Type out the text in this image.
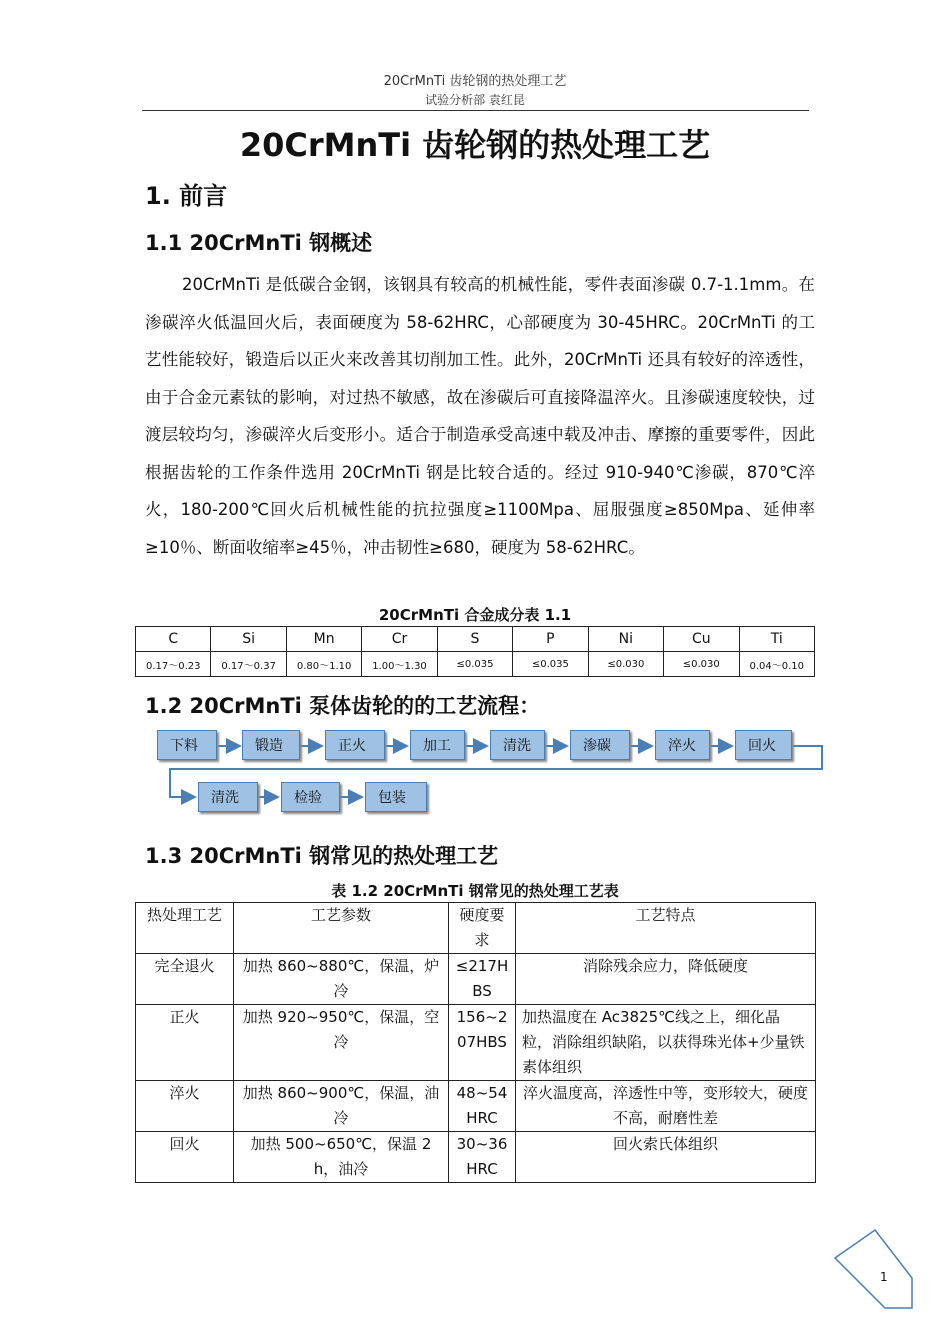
20CrMnTi 齿轮钢的热处理工艺
试验分析部 袁红昆
20CrMnTi 齿轮钢的热处理工艺
1. 前言
1.1 20CrMnTi 钢概述
20CrMnTi 是低碳合金钢，该钢具有较高的机械性能，零件表面渗碳 0.7-1.1mm。在渗碳淬火低温回火后，表面硬度为 58-62HRC，心部硬度为 30-45HRC。20CrMnTi 的工艺性能较好，锻造后以正火来改善其切削加工性。此外，20CrMnTi 还具有较好的淬透性，由于合金元素钛的影响，对过热不敏感，故在渗碳后可直接降温淬火。且渗碳速度较快，过渡层较均匀，渗碳淬火后变形小。适合于制造承受高速中载及冲击、摩擦的重要零件，因此根据齿轮的工作条件选用 20CrMnTi 钢是比较合适的。经过 910-940℃渗碳，870℃淬火，180-200℃回火后机械性能的抗拉强度≥1100Mpa、屈服强度≥850Mpa、延伸率≥10％、断面收缩率≥45％，冲击韧性≥680，硬度为 58-62HRC。
20CrMnTi 合金成分表 1.1
C	Si	Mn	Cr	S	P	Ni	Cu	Ti
0.17～0.23	0.17～0.37	0.80～1.10	1.00～1.30	≤0.035	≤0.035	≤0.030	≤0.030	0.04～0.10
1.2 20CrMnTi 泵体齿轮的的工艺流程：
下料	锻造	正火	加工	清洗	渗碳	淬火	回火
清洗	检验	包装
1.3 20CrMnTi 钢常见的热处理工艺
表 1.2 20CrMnTi 钢常见的热处理工艺表
热处理工艺	工艺参数	硬度要求	工艺特点
完全退火	加热 860~880℃，保温，炉冷	≤217HBS	消除残余应力，降低硬度
正火	加热 920~950℃，保温，空冷	156~207HBS	加热温度在 Ac3825℃线之上，细化晶粒，消除组织缺陷，以获得珠光体+少量铁素体组织
淬火	加热 860~900℃，保温，油冷	48~54HRC	淬火温度高，淬透性中等，变形较大，硬度不高，耐磨性差
回火	加热 500~650℃，保温 2h，油冷	30~36HRC	回火索氏体组织
1
